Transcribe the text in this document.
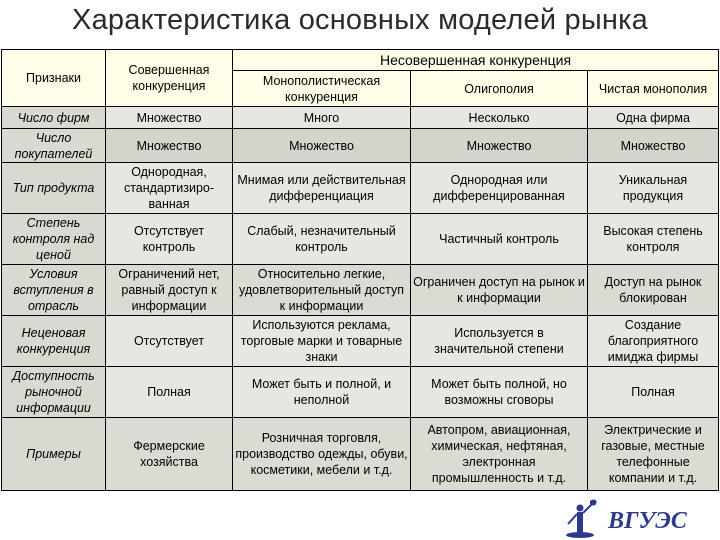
Характеристика основных моделей рынка
Признаки	Совершенная конкуренция	Несовершенная конкуренция		
		Монополистическая конкуренция	Олигополия	Чистая монополия
Число фирм	Множество	Много	Несколько	Одна фирма
Число покупателей	Множество	Множество	Множество	Множество
Тип продукта	Однородная, стандартизиро-ванная	Мнимая или действительная дифференциация	Однородная или дифференцированная	Уникальная продукция
Степень контроля над ценой	Отсутствует контроль	Слабый, незначительный контроль	Частичный контроль	Высокая степень контроля
Условия вступления в отрасль	Ограничений нет, равный доступ к информации	Относительно легкие, удовлетворительный доступ к информации	Ограничен доступ на рынок и к информации	Доступ на рынок блокирован
Неценовая конкуренция	Отсутствует	Используются реклама, торговые марки и товарные знаки	Используется в значительной степени	Создание благоприятного имиджа фирмы
Доступность рыночной информации	Полная	Может быть и полной, и неполной	Может быть полной, но возможны сговоры	Полная
Примеры	Фермерские хозяйства	Розничная торговля, производство одежды, обуви, косметики, мебели и т.д.	Автопром, авиационная, химическая, нефтяная, электронная промышленность и т.д.	Электрические и газовые, местные телефонные компании и т.д.
ВГУЭС
